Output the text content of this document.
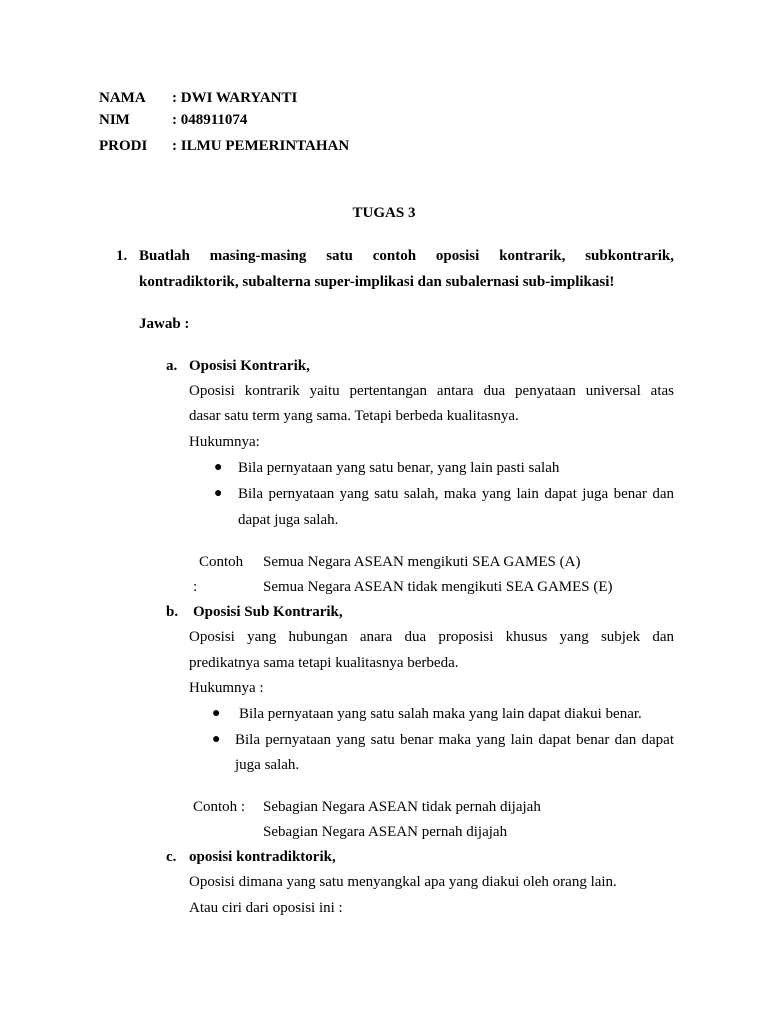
NAMA : DWI WARYANTI
NIM	: 048911074
PRODI : ILMU PEMERINTAHAN
TUGAS 3
1. Buatlah masing-masing satu contoh oposisi kontrarik, subkontrarik,
kontradiktorik, subalterna super-implikasi dan subalernasi sub-implikasi!
Jawab :
a. Oposisi Kontrarik,
Oposisi kontrarik yaitu pertentangan antara dua penyataan universal atas
dasar satu term yang sama. Tetapi berbeda kualitasnya.
Hukumnya:
● Bila pernyataan yang satu benar, yang lain pasti salah
● Bila pernyataan yang satu salah, maka yang lain dapat juga benar dan
dapat juga salah.
Contoh Semua Negara ASEAN mengikuti SEA GAMES (A)
:	Semua Negara ASEAN tidak mengikuti SEA GAMES (E)
b. Oposisi Sub Kontrarik,
Oposisi yang hubungan anara dua proposisi khusus yang subjek dan
predikatnya sama tetapi kualitasnya berbeda.
Hukumnya :
● Bila pernyataan yang satu salah maka yang lain dapat diakui benar.
● Bila pernyataan yang satu benar maka yang lain dapat benar dan dapat
juga salah.
Contoh : Sebagian Negara ASEAN tidak pernah dijajah
Sebagian Negara ASEAN pernah dijajah
c. oposisi kontradiktorik,
Oposisi dimana yang satu menyangkal apa yang diakui oleh orang lain.
Atau ciri dari oposisi ini :
